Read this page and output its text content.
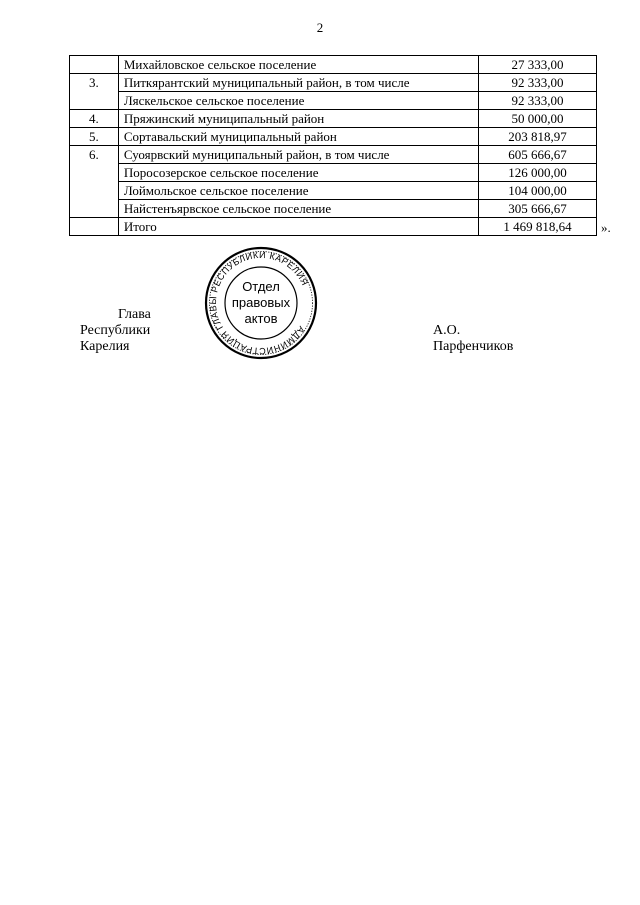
2
	Михайловское сельское поселение	27 333,00
3.	Питкярантский муниципальный район, в том числе	92 333,00
	Ляскельское сельское поселение	92 333,00
4.	Пряжинский муниципальный район	50 000,00
5.	Сортавальский муниципальный район	203 818,97
6.	Суоярвский муниципальный район, в том числе	605 666,67
	Поросозерское сельское поселение	126 000,00
	Лоймольское сельское поселение	104 000,00
	Найстенъярвское сельское поселение	305 666,67
	Итого	1 469 818,64 ».
Глава
Республики Карелия
А.О. Парфенчиков
АДМИНИСТРАЦИЯ ГЛАВЫ РЕСПУБЛИКИ КАРЕЛИЯ
Отдел
правовых
актов
